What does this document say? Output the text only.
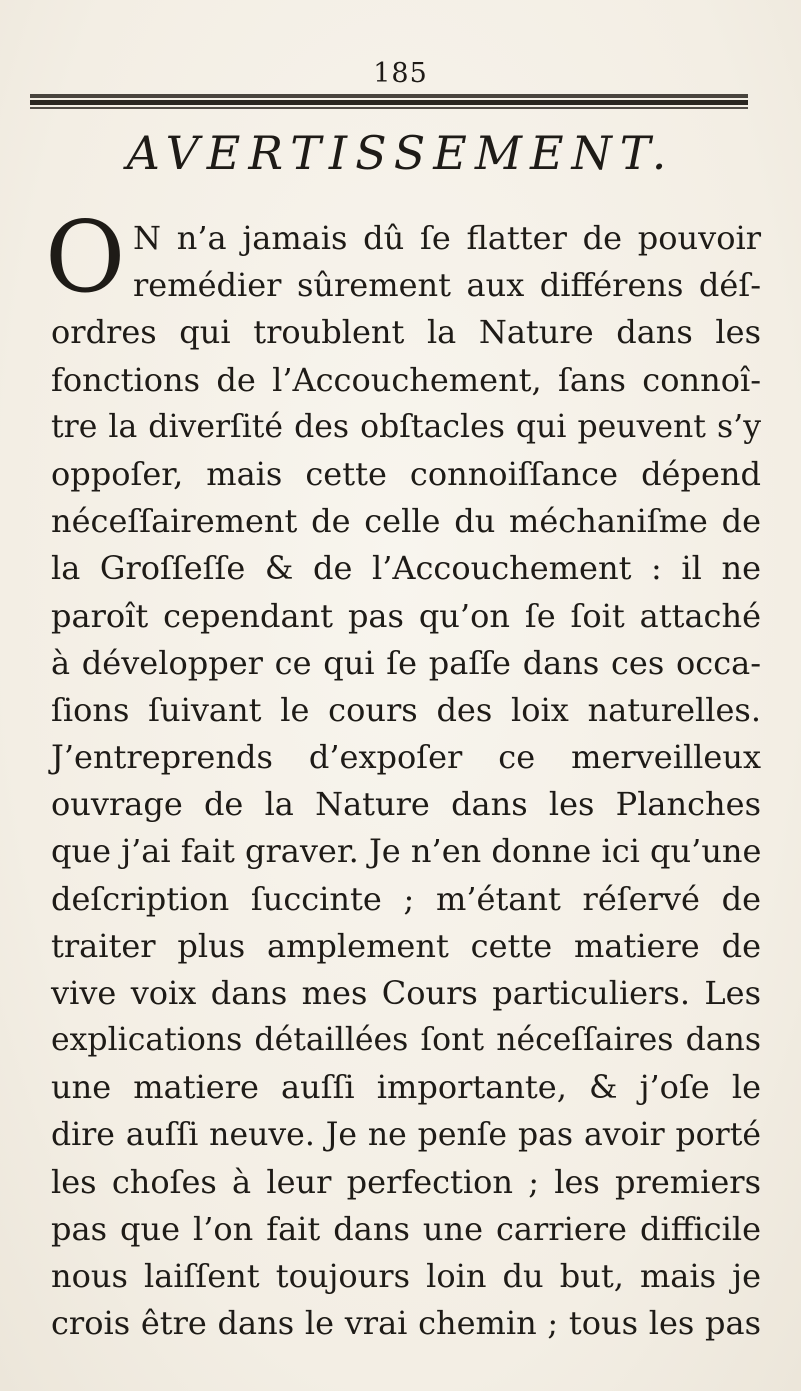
185
AVERTISSEMENT.
O N n’a jamais dû ſe flatter de pouvoir
remédier sûrement aux différens déſ-
ordres qui troublent la Nature dans les
fonctions de l’Accouchement, ſans connoî-
tre la diverſité des obſtacles qui peuvent s’y
oppoſer, mais cette connoiſſance dépend
néceſſairement de celle du méchaniſme de
la Groſſeſſe & de l’Accouchement : il ne
paroît cependant pas qu’on ſe ſoit attaché
à développer ce qui ſe paſſe dans ces occa-
ſions ſuivant le cours des loix naturelles.
J’entreprends d’expoſer ce merveilleux
ouvrage de la Nature dans les Planches
que j’ai fait graver. Je n’en donne ici qu’une
deſcription ſuccinte ; m’étant réſervé de
traiter plus amplement cette matiere de
vive voix dans mes Cours particuliers. Les
explications détaillées ſont néceſſaires dans
une matiere auſſi importante, & j’oſe le
dire auſſi neuve. Je ne penſe pas avoir porté
les choſes à leur perfection ; les premiers
pas que l’on fait dans une carriere difficile
nous laiſſent toujours loin du but, mais je
crois être dans le vrai chemin ; tous les pas
